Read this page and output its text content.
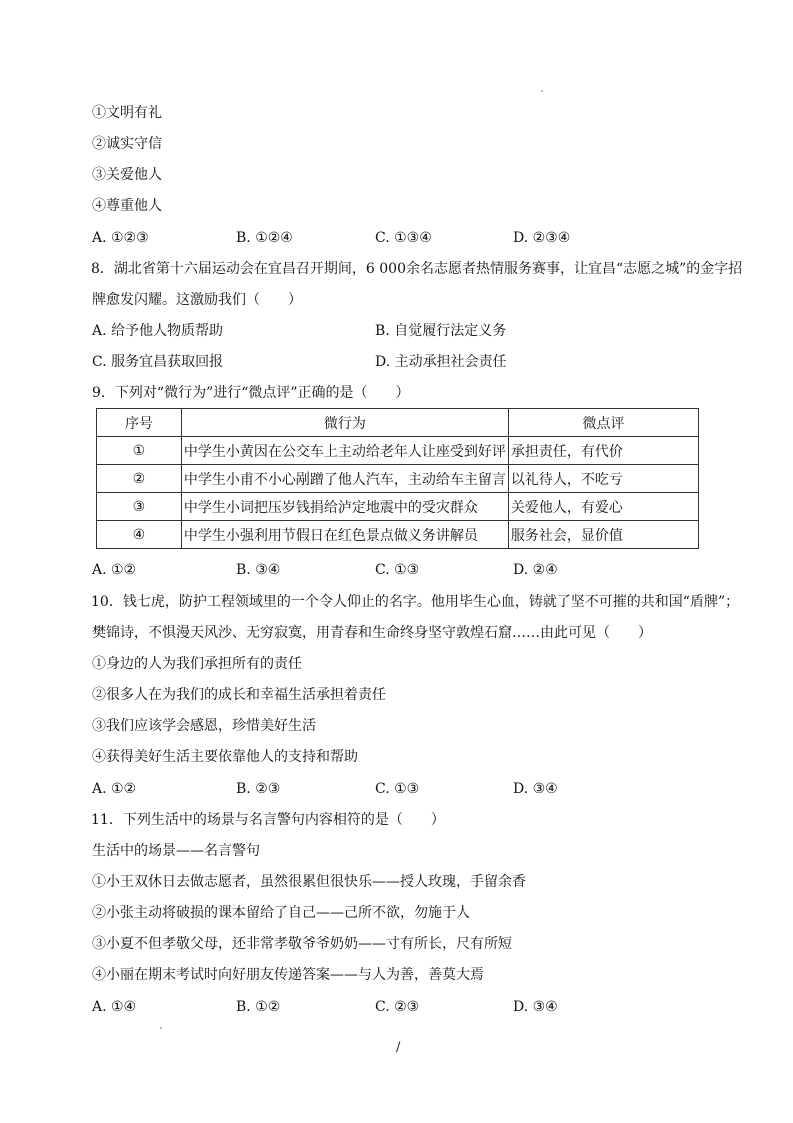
①文明有礼
②诚实守信
③关爱他人
④尊重他人
A. ①②③	B. ①②④	C. ①③④	D. ②③④
8．湖北省第十六届运动会在宜昌召开期间，6 000余名志愿者热情服务赛事，让宜昌“志愿之城”的金字招
牌愈发闪耀。这激励我们（　　）
A. 给予他人物质帮助	B. 自觉履行法定义务
C. 服务宜昌获取回报	D. 主动承担社会责任
9．下列对“微行为”进行“微点评”正确的是（　　）
序号	微行为	微点评
①	中学生小黄因在公交车上主动给老年人让座受到好评	承担责任，有代价
②	中学生小甫不小心剐蹭了他人汽车，主动给车主留言	以礼待人，不吃亏
③	中学生小词把压岁钱捐给泸定地震中的受灾群众	关爱他人，有爱心
④	中学生小强利用节假日在红色景点做义务讲解员	服务社会，显价值
A. ①②	B. ③④	C. ①③	D. ②④
10．钱七虎，防护工程领域里的一个令人仰止的名字。他用毕生心血，铸就了坚不可摧的共和国“盾牌”；
樊锦诗，不惧漫天风沙、无穷寂寞，用青春和生命终身坚守敦煌石窟……由此可见（　　）
①身边的人为我们承担所有的责任
②很多人在为我们的成长和幸福生活承担着责任
③我们应该学会感恩，珍惜美好生活
④获得美好生活主要依靠他人的支持和帮助
A. ①②	B. ②③	C. ①③	D. ③④
11．下列生活中的场景与名言警句内容相符的是（　　）
生活中的场景——名言警句
①小王双休日去做志愿者，虽然很累但很快乐——授人玫瑰，手留余香
②小张主动将破损的课本留给了自己——己所不欲，勿施于人
③小夏不但孝敬父母，还非常孝敬爷爷奶奶——寸有所长，尺有所短
④小丽在期末考试时向好朋友传递答案——与人为善，善莫大焉
A. ①④	B. ①②	C. ②③	D. ③④
/
